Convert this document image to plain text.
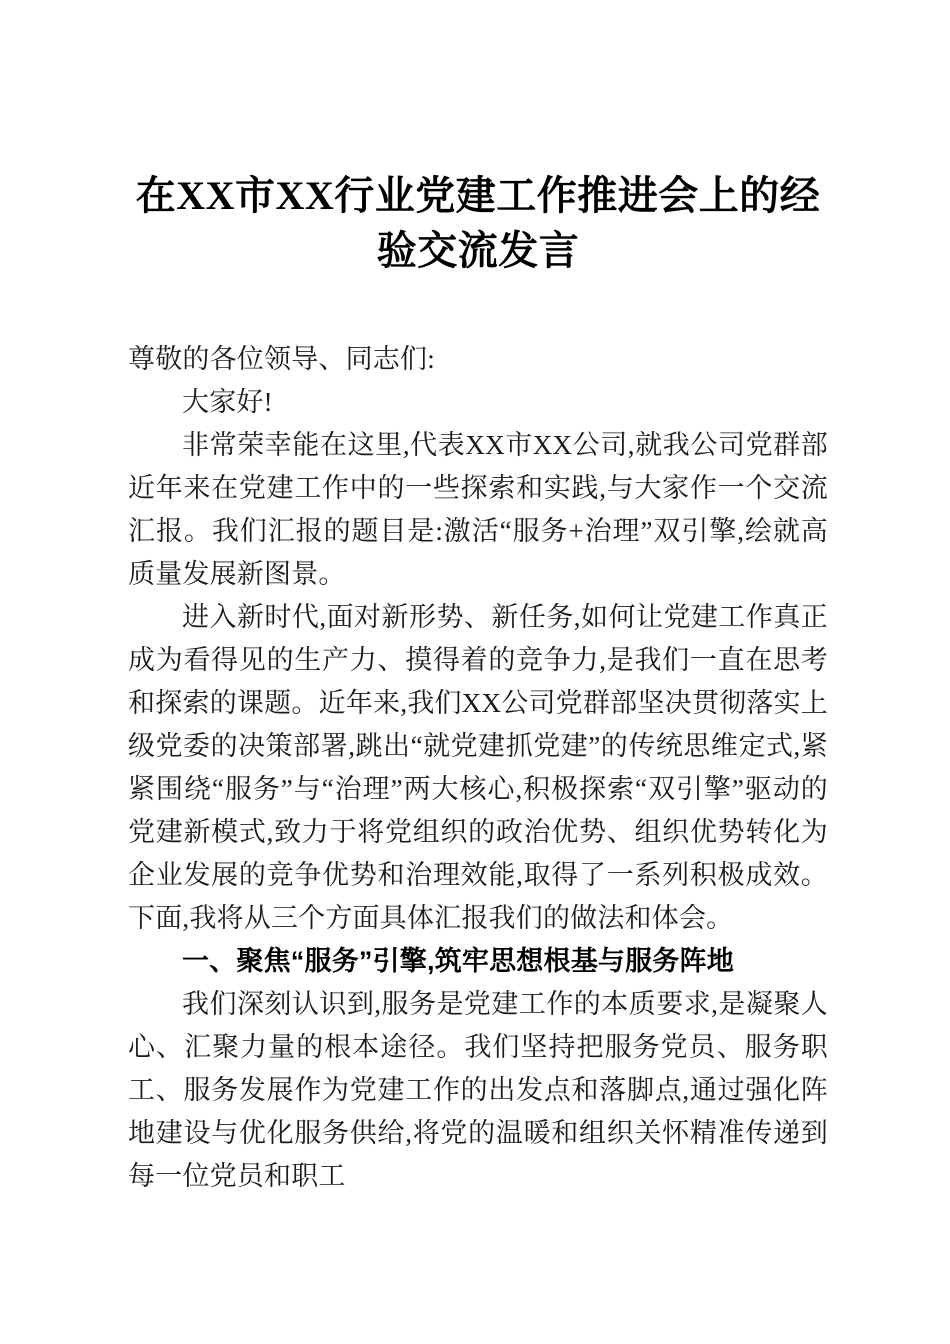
在XX市XX行业党建工作推进会上的经验交流发言

尊敬的各位领导、同志们:

大家好!

非常荣幸能在这里,代表XX市XX公司,就我公司党群部近年来在党建工作中的一些探索和实践,与大家作一个交流汇报。我们汇报的题目是:激活“服务+治理”双引擎,绘就高质量发展新图景。

进入新时代,面对新形势、新任务,如何让党建工作真正成为看得见的生产力、摸得着的竞争力,是我们一直在思考和探索的课题。近年来,我们XX公司党群部坚决贯彻落实上级党委的决策部署,跳出“就党建抓党建”的传统思维定式,紧紧围绕“服务”与“治理”两大核心,积极探索“双引擎”驱动的党建新模式,致力于将党组织的政治优势、组织优势转化为企业发展的竞争优势和治理效能,取得了一系列积极成效。下面,我将从三个方面具体汇报我们的做法和体会。

一、聚焦“服务”引擎,筑牢思想根基与服务阵地

我们深刻认识到,服务是党建工作的本质要求,是凝聚人心、汇聚力量的根本途径。我们坚持把服务党员、服务职工、服务发展作为党建工作的出发点和落脚点,通过强化阵地建设与优化服务供给,将党的温暖和组织关怀精准传递到每一位党员和职工
